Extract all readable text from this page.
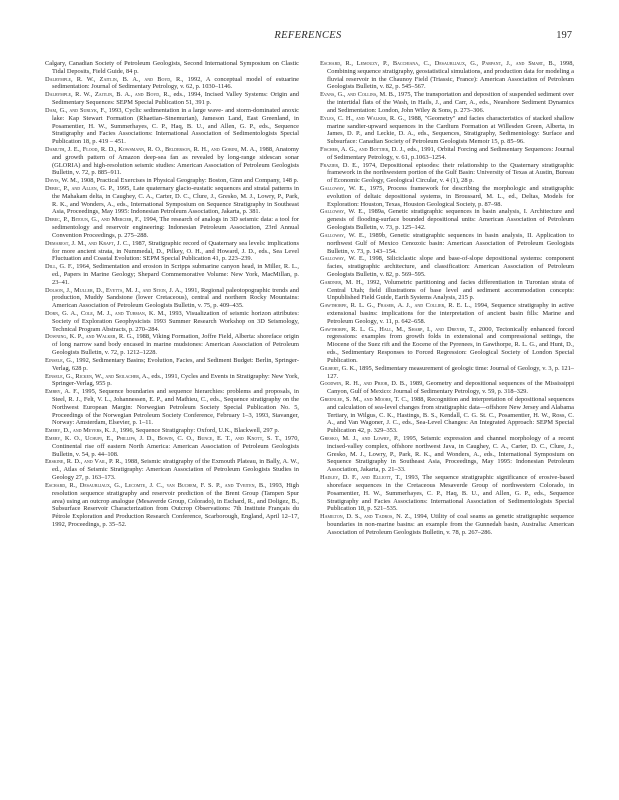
REFERENCES	197

Calgary, Canadian Society of Petroleum Geologists, Second International Symposium on Clastic Tidal Deposits, Field Guide, 84 p.

Dalrymple, R. W., Zaitlin, B. A., and Boyd, R., 1992, A conceptual model of estuarine sedimentation: Journal of Sedimentary Petrology, v. 62, p. 1030–1146.

Dalrymple, R. W., Zaitlin, B. A., and Boyd, R., eds., 1994, Incised Valley Systems: Origin and Sedimentary Sequences: SEPM Special Publication 51, 391 p.

Dam, G., and Surlyk, F., 1993, Cyclic sedimentation in a large wave- and storm-dominated anoxic lake: Kap Stewart Formation (Rhaetian–Sinemurian), Jameson Land, East Greenland, in Posamentier, H. W., Summerhayes, C. P., Haq, B. U., and Allen, G. P., eds., Sequence Stratigraphy and Facies Associations: International Association of Sedimentologists Special Publication 18, p. 419 – 451.

Damuth, J. E., Flood, R. D., Kowsmann, R. O., Belderson, R. H., and Gorini, M. A., 1988, Anatomy and growth pattern of Amazon deep-sea fan as revealed by long-range sidescan sonar (GLORIA) and high-resolution seismic studies: American Association of Petroleum Geologists Bulletin, v. 72, p. 885–911.

Davis, W. M., 1908, Practical Exercises in Physical Geography: Boston, Ginn and Company, 148 p.

Debec, P., and Allen, G. P., 1995, Late quaternary glacio-eustatic sequences and stratal patterns in the Mahakam delta, in Caughey, C. A., Carter, D. C., Clure, J., Gresko, M. J., Lowry, P., Park, R. K., and Wonders, A., eds., International Symposium on Sequence Stratigraphy in Southeast Asia, Proceedings, May 1995: Indonesian Petroleum Association, Jakarta, p. 381.

Debec, P., Bitoun, G., and Mercier, F., 1994, The research of analogs in 3D seismic data: a tool for sedimentology and reservoir engineering: Indonesian Petroleum Association, 23rd Annual Convention Proceedings, p. 275–288.

Demarest, J. M., and Kraft, J. C., 1987, Stratigraphic record of Quaternary sea levels: implications for more ancient strata, in Nummedal, D., Pilkey, O. H., and Howard, J. D., eds., Sea Level Fluctuation and Coastal Evolution: SEPM Special Publication 41, p. 223–239.

Dill, G. F., 1964, Sedimentation and erosion in Scripps submarine canyon head, in Miller, R. L., ed., Papers in Marine Geology; Shepard Commemorative Volume: New York, MacMillan, p. 23–41.

Dolson, J., Muller, D., Evetts, M. J., and Stein, J. A., 1991, Regional paleotopographic trends and production, Muddy Sandstone (lower Cretaceous), central and northern Rocky Mountains: American Association of Petroleum Geologists Bulletin, v. 75, p. 409–435.

Dorn, G. A., Cole, M. J., and Tubman, K. M., 1993, Visualization of seismic horizon attributes: Society of Exploration Geophysicists 1993 Summer Research Workshop on 3D Seismology, Technical Program Abstracts, p. 270–284.

Downing, K. P., and Walker, R. G., 1988, Viking Formation, Joffre Field, Alberta: shoreface origin of long narrow sand body encased in marine mudstones: American Association of Petroleum Geologists Bulletin, v. 72, p. 1212–1228.

Einsele, G., 1992, Sedimentary Basins; Evolution, Facies, and Sediment Budget: Berlin, Springer-Verlag, 628 p.

Einsele, G., Ricken, W., and Seilacher, A., eds., 1991, Cycles and Events in Stratigraphy: New York, Springer-Verlag, 955 p.

Embry, A. F., 1995, Sequence boundaries and sequence hierarchies: problems and proposals, in Steel, R. J., Felt, V. L., Johannessen, E. P., and Mathieu, C., eds., Sequence stratigraphy on the Northwest European Margin: Norwegian Petroleum Society Special Publication No. 5, Proceedings of the Norwegian Petroleum Society Conference, February 1–3, 1993, Stavanger, Norway: Amsterdam, Elsevier, p. 1–11.

Emery, D., and Meyers, K. J., 1996, Sequence Stratigraphy: Oxford, U.K., Blackwell, 297 p.

Emery, K. O., Uchupi, E., Phillips, J. D., Bowin, C. O., Bunce, E. T., and Knott, S. T., 1970, Continental rise off eastern North America: American Association of Petroleum Geologists Bulletin, v. 54, p. 44–108.

Erskine, R. D., and Vail, P. R., 1988, Seismic stratigraphy of the Exmouth Plateau, in Bally, A. W., ed., Atlas of Seismic Stratigraphy: American Association of Petroleum Geologists Studies in Geology 27, p. 163–173.

Eschard, R., Desaubliaux, G., Lecomte, J. C., van Buchem, F. S. P., and Tveiten, B., 1993, High resolution sequence stratigraphy and reservoir prediction of the Brent Group (Tampen Spur area) using an outcrop analogue (Mesaverde Group, Colorado), in Eschard, R., and Doligez, B., Subsurface Reservoir Characterization from Outcrop Observations: 7th Institute Français du Pétrole Exploration and Production Research Conference, Scarborough, England, April 12–17, 1992, Proceedings, p. 35–52.

Eschard, R., Lemouzy, P., Bacchiana, C., Desaubliaux, G., Parpant, J., and Smart, B., 1998, Combining sequence stratigraphy, geostatistical simulations, and production data for modeling a fluvial reservoir in the Chaunoy Field (Triassic, France): American Association of Petroleum Geologists Bulletin, v. 82, p. 545–567.

Evans, G., and Collins, M. B., 1975, The transportation and deposition of suspended sediment over the intertidal flats of the Wash, in Hails, J., and Carr, A., eds., Nearshore Sediment Dynamics and Sedimentation: London, John Wiley & Sons, p. 273–306.

Eyles, C. H., and Walker, R. G., 1988, "Geometry" and facies characteristics of stacked shallow marine sandier-upward sequences in the Cardium Formation at Willesden Green, Alberta, in James, D. P., and Leckie, D. A., eds., Sequences, Stratigraphy, Sedimentology: Surface and Subsurface: Canadian Society of Petroleum Geologists Memoir 15, p. 85–96.

Fischer, A. G., and Bottjer, D. J., eds., 1991, Orbital Forcing and Sedimentary Sequences: Journal of Sedimentary Petrology, v. 61, p.1063–1254.

Frazier, D. E., 1974, Depositional episodes: their relationship to the Quaternary stratigraphic framework in the northwestern portion of the Gulf Basin: University of Texas at Austin, Bureau of Economic Geology, Geological Circular, v. 4 (1), 28 p.

Galloway, W. E., 1975, Process framework for describing the morphologic and stratigraphic evolution of deltaic depositional systems, in Broussard, M. L., ed., Deltas, Models for Exploration: Houston, Texas, Houston Geological Society, p. 87–98.

Galloway, W. E., 1989a, Genetic stratigraphic sequences in basin analysis, I. Architecture and genesis of flooding-surface bounded depositional units: American Association of Petroleum Geologists Bulletin, v. 73, p. 125–142.

Galloway, W. E., 1989b, Genetic stratigraphic sequences in basin analysis, II. Application to northwest Gulf of Mexico Cenozoic basin: American Association of Petroleum Geologists Bulletin, v. 73, p. 143–154.

Galloway, W. E., 1998, Siliciclastic slope and base-of-slope depositional systems: component facies, stratigraphic architecture, and classification: American Association of Petroleum Geologists Bulletin, v. 82, p. 569–595.

Gardner, M. H., 1992, Volumetric partitioning and facies differentiation in Turonian strata of Central Utah; field illustrations of base level and sediment accommodation concepts: Unpublished Field Guide, Earth Systems Analysis, 215 p.

Gawthorpe, R. L. G., Fraser, A. J., and Collier, R. E. L., 1994, Sequence stratigraphy in active extensional basins: implications for the interpretation of ancient basin fills: Marine and Petroleum Geology, v. 11, p. 642–658.

Gawthorpe, R. L. G., Hall, M., Sharp, I., and Dreyer, T., 2000, Tectonically enhanced forced regressions: examples from growth folds in extensional and compressional settings, the Miocene of the Suez rift and the Eocene of the Pyrenees, in Gawthorpe, R. L. G., and Hunt, D., eds., Sedimentary Responses to Forced Regression: Geological Society of London Special Publication.

Gilbert, G. K., 1895, Sedimentary measurement of geologic time: Journal of Geology, v. 3, p. 121–127.

Goodwin, R. H., and Prior, D. B., 1989, Geometry and depositional sequences of the Mississippi Canyon, Gulf of Mexico: Journal of Sedimentary Petrology, v. 59, p. 318–329.

Greenlee, S. M., and Moore, T. C., 1988, Recognition and interpretation of depositional sequences and calculation of sea-level changes from stratigraphic data—offshore New Jersey and Alabama Tertiary, in Wilgus, C. K., Hastings, B. S., Kendall, C. G. St. C., Posamentier, H. W., Ross, C. A., and Van Wagoner, J. C., eds., Sea-Level Changes: An Integrated Approach: SEPM Special Publication 42, p. 329–353.

Gresko, M. J., and Lowry, P., 1995, Seismic expression and channel morphology of a recent incised-valley complex, offshore northwest Java, in Caughey, C. A., Carter, D. C., Clure, J., Gresko, M. J., Lowry, P., Park, R. K., and Wonders, A., eds., International Symposium on Sequence Stratigraphy in Southeast Asia, Proceedings, May 1995: Indonesian Petroleum Association, Jakarta, p. 21–33.

Hadley, D. F., and Elliott, T., 1993, The sequence stratigraphic significance of erosive-based shoreface sequences in the Cretaceous Mesaverde Group of northwestern Colorado, in Posamentier, H. W., Summerhayes, C. P., Haq, B. U., and Allen, G. P., eds., Sequence Stratigraphy and Facies Associations: International Association of Sedimentologists Special Publication 18, p. 521–535.

Hamilton, D. S., and Tadros, N. Z., 1994, Utility of coal seams as genetic stratigraphic sequence boundaries in non-marine basins: an example from the Gunnedah basin, Australia: American Association of Petroleum Geologists Bulletin, v. 78, p. 267–286.
